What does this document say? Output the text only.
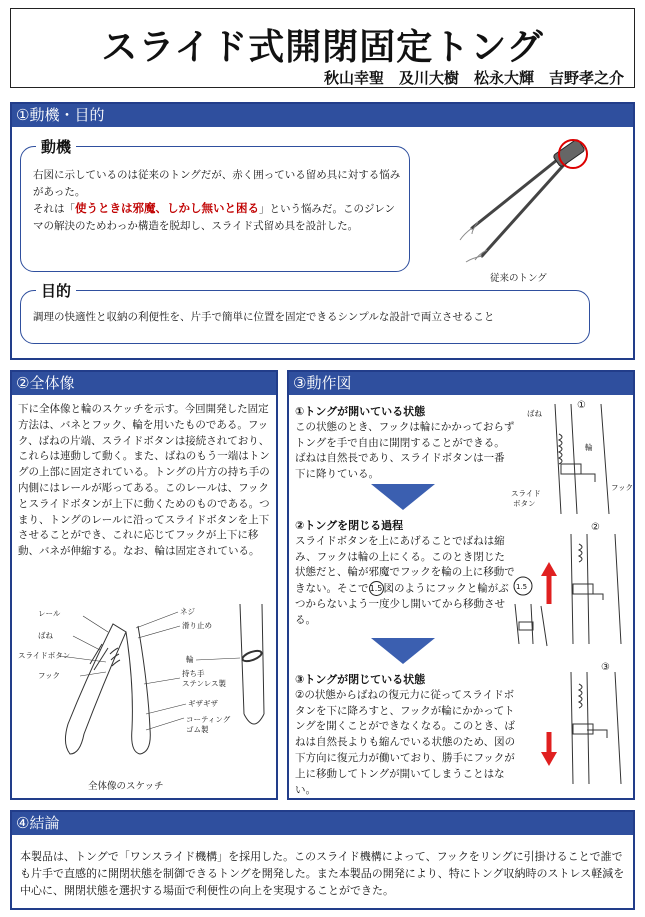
スライド式開閉固定トング
秋山幸聖　及川大樹　松永大輝　吉野孝之介
①動機・目的
右図に示しているのは従来のトングだが、赤く囲っている留め具に対する悩みがあった。
それは「使うときは邪魔、しかし無いと困る」という悩みだ。このジレンマの解決のためわっか構造を脱却し、スライド式留め具を設計した。
動機
従来のトング
調理の快適性と収納の利便性を、片手で簡単に位置を固定できるシンプルな設計で両立させること
目的
②全体像
下に全体像と輪のスケッチを示す。今回開発した固定方法は、バネとフック、輪を用いたものである。フック、ばねの片端、スライドボタンは接続されており、これらは連動して動く。また、ばねのもう一端はトングの上部に固定されている。トングの片方の持ち手の内側にはレールが彫ってある。このレールは、フックとスライドボタンが上下に動くためのものである。つまり、トングのレールに沿ってスライドボタンを上下させることができ、これに応じてフックが上下に移動、バネが伸縮する。なお、輪は固定されている。
レール
ばね
スライドボタン
フック
ネジ
滑り止め
輪
持ち手
ステンレス製
ギザギザ
コーティング
ゴム製
全体像のスケッチ
③動作図
①トングが開いている状態
この状態のとき、フックは輪にかかっておらずトングを手で自由に開閉することができる。ばねは自然長であり、スライドボタンは一番下に降りている。
②トングを閉じる過程
スライドボタンを上にあげることでばねは縮み、フックは輪の上にくる。このとき閉じた状態だと、輪が邪魔でフックを輪の上に移動できない。そこで1.5図のようにフックと輪がぶつからないよう一度少し開いてから移動させる。
③トングが閉じている状態
②の状態からばねの復元力に従ってスライドボタンを下に降ろすと、フックが輪にかかってトングを開くことができなくなる。このとき、ばねは自然長よりも縮んでいる状態のため、図の下方向に復元力が働いており、勝手にフックが上に移動してトングが開いてしまうことはない。
①
ばね
輪
フック
スライド
ボタン
②
1.5
③
④結論
本製品は、トングで「ワンスライド機構」を採用した。このスライド機構によって、フックをリングに引掛けることで誰でも片手で直感的に開閉状態を制御できるトングを開発した。また本製品の開発により、特にトング収納時のストレス軽減を中心に、開閉状態を選択する場面で利便性の向上を実現することができた。
